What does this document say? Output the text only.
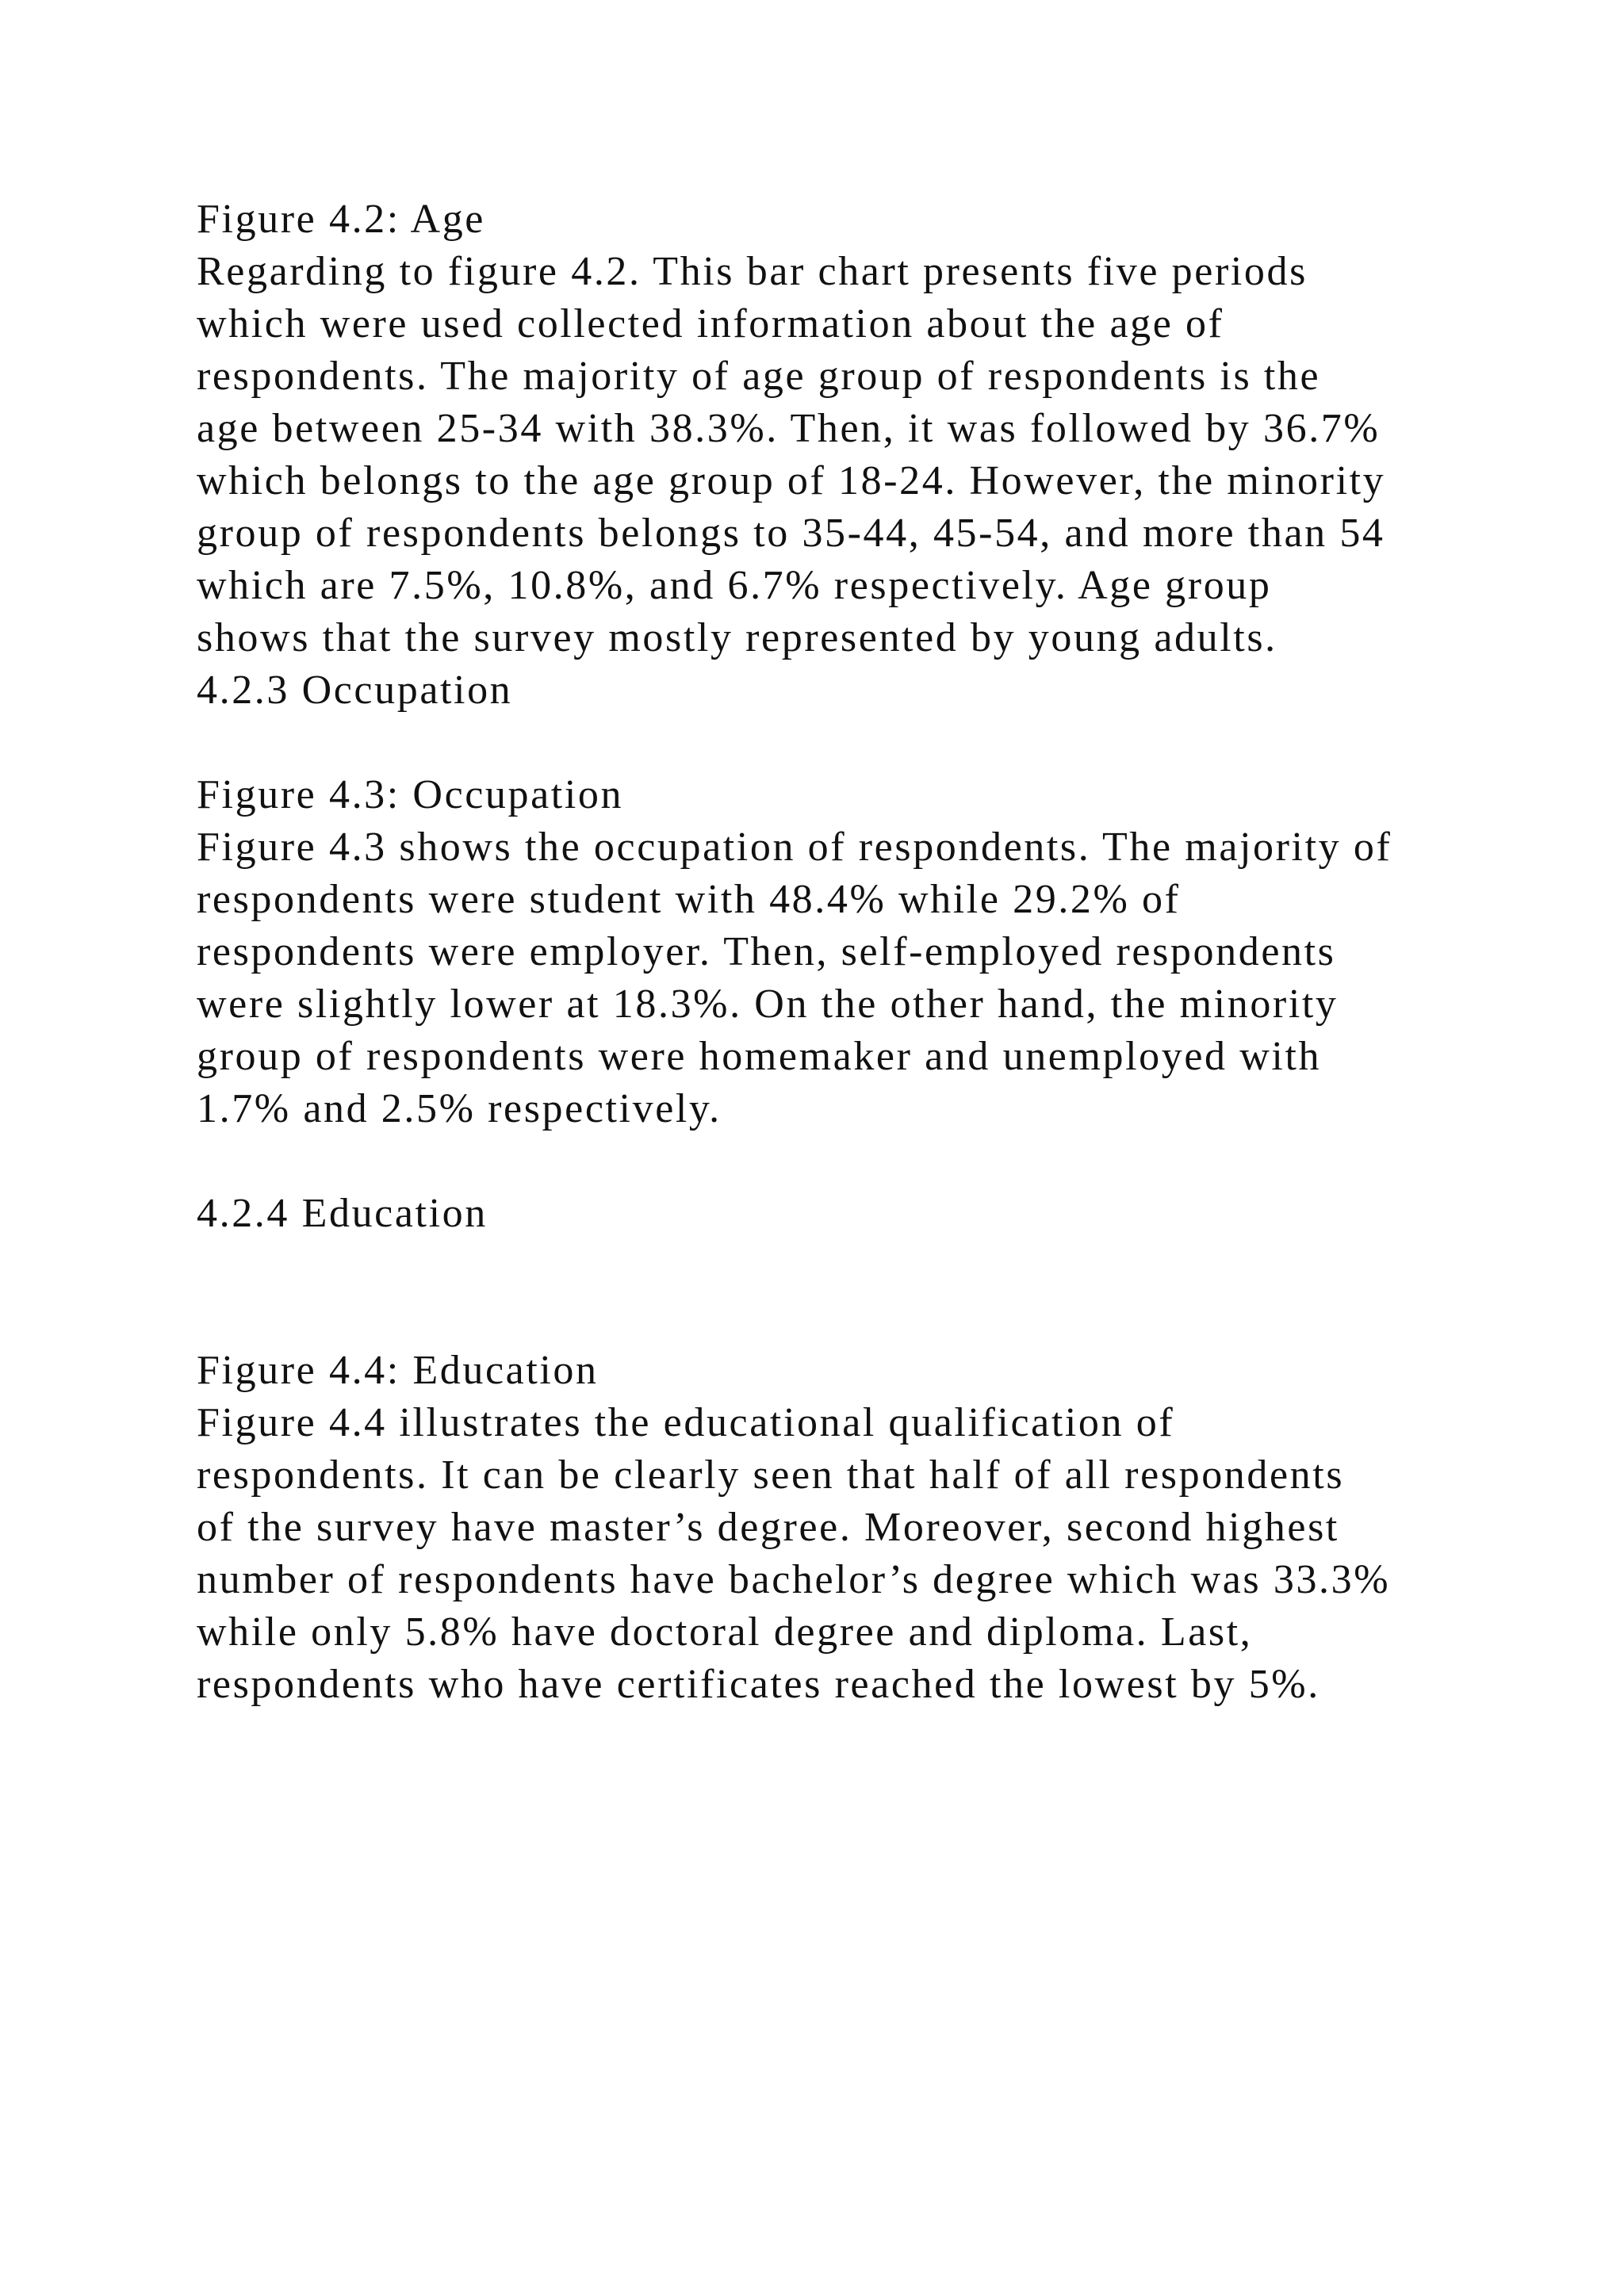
Figure 4.2: Age
Regarding to figure 4.2. This bar chart presents five periods
which were used collected information about the age of
respondents. The majority of age group of respondents is the
age between 25-34 with 38.3%. Then, it was followed by 36.7%
which belongs to the age group of 18-24. However, the minority
group of respondents belongs to 35-44, 45-54, and more than 54
which are 7.5%, 10.8%, and 6.7% respectively. Age group
shows that the survey mostly represented by young adults.
4.2.3 Occupation
Figure 4.3: Occupation
Figure 4.3 shows the occupation of respondents. The majority of
respondents were student with 48.4% while 29.2% of
respondents were employer. Then, self-employed respondents
were slightly lower at 18.3%. On the other hand, the minority
group of respondents were homemaker and unemployed with
1.7% and 2.5% respectively.
4.2.4 Education
Figure 4.4: Education
Figure 4.4 illustrates the educational qualification of
respondents. It can be clearly seen that half of all respondents
of the survey have master’s degree. Moreover, second highest
number of respondents have bachelor’s degree which was 33.3%
while only 5.8% have doctoral degree and diploma. Last,
respondents who have certificates reached the lowest by 5%.
